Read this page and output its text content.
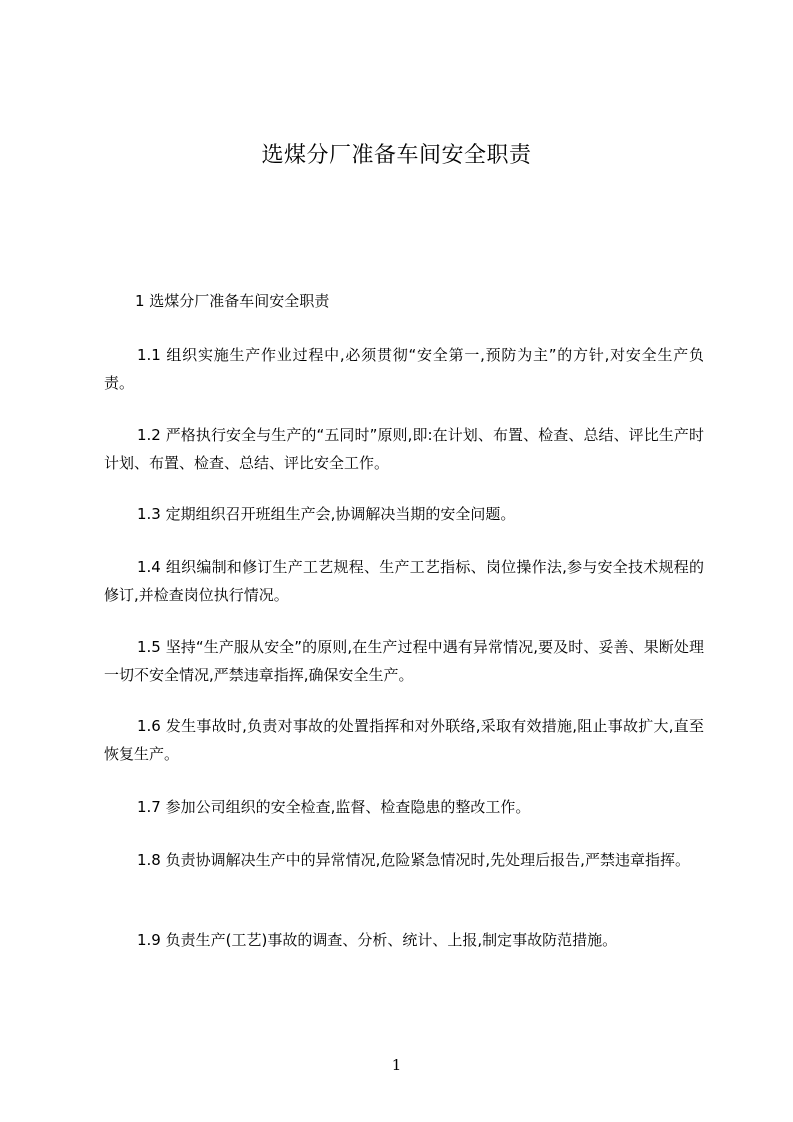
选煤分厂准备车间安全职责
1 选煤分厂准备车间安全职责
1.1 组织实施生产作业过程中,必须贯彻“安全第一,预防为主”的方针,对安全生产负责。
1.2 严格执行安全与生产的“五同时”原则,即:在计划、布置、检查、总结、评比生产时计划、布置、检查、总结、评比安全工作。
1.3 定期组织召开班组生产会,协调解决当期的安全问题。
1.4 组织编制和修订生产工艺规程、生产工艺指标、岗位操作法,参与安全技术规程的修订,并检查岗位执行情况。
1.5 坚持“生产服从安全”的原则,在生产过程中遇有异常情况,要及时、妥善、果断处理一切不安全情况,严禁违章指挥,确保安全生产。
1.6 发生事故时,负责对事故的处置指挥和对外联络,采取有效措施,阻止事故扩大,直至恢复生产。
1.7 参加公司组织的安全检查,监督、检查隐患的整改工作。
1.8 负责协调解决生产中的异常情况,危险紧急情况时,先处理后报告,严禁违章指挥。
1.9 负责生产(工艺)事故的调查、分析、统计、上报,制定事故防范措施。
1
